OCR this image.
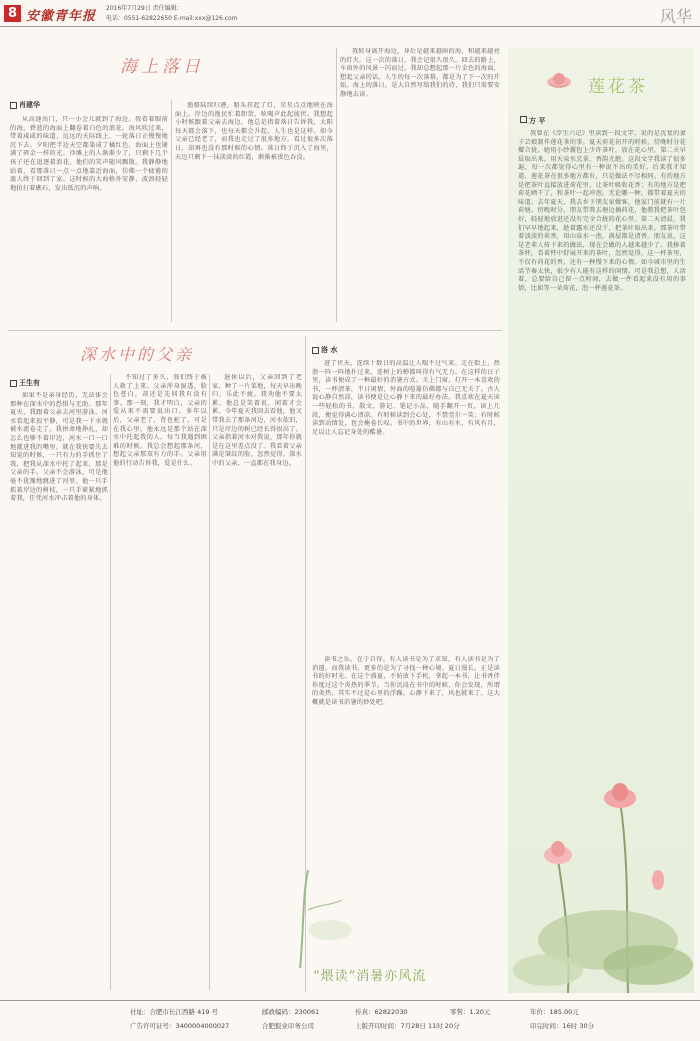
8 安徽青年报
2016年7月29日 责任编辑：
电话：0551-62822650 E-mail:xxx@126.com	风华
海上落日
肖建华
从高速出门，只一小会儿就到了海边。我看着眼前的海，碧蓝的海面上翻卷着白色的浪花。海风吹过来，带着咸咸的味道，远远的天际线上，一轮落日正慢慢地沉下去。夕阳把半边天空都染成了橘红色，海面上也铺满了碎金一样的光。沙滩上的人渐渐少了，只剩下几个孩子还在追逐着浪花，他们的笑声随风飘散。我静静地站着，看那落日一点一点地靠近海面，仿佛一个疲倦的旅人终于回到了家。这时候的大海格外安静，波浪轻轻地拍打着礁石，发出低沉的声响。
渔船陆续归港，船头挂起了灯，星星点点地映在海面上。岸边的渔民忙着卸货，吆喝声此起彼伏。我想起小时候跟着父亲去海边，他总是指着落日告诉我，太阳每天都会落下，也每天都会升起，人生也是这样。如今父亲已经老了，而我也走过了很多地方，看过很多次落日，却再也没有那时候的心情。落日终于沉入了海里，天边只剩下一抹淡淡的红霞，渐渐被夜色吞没。
我转身离开海边，身后是越来越暗的海，和越来越亮的灯火。这一次的落日，我会记很久很久。回去的路上，车窗外的风景一闪而过，我却总想起那一片金色的海面，想起父亲的话。人生的每一次落幕，都是为了下一次的开始。海上的落日，是大自然写给我们的诗，我们只需要安静地去读。
深水中的父亲
王生有
如果不是亲身经历，无法体会那种在深水中的恐惧与无助。那年夏天，我跟着父亲去河里游泳，河水看起来很平静，可是我一下水就被水流卷走了。我拼命地挣扎，却怎么也够不着岸边，河水一口一口地灌进我的嘴里。就在我快要失去知觉的时候，一只有力的手抓住了我，把我从深水中托了起来。那是父亲的手。父亲不会游泳，可是他毫不犹豫地跳进了河里。他一只手抓着岸边的树枝，一只手紧紧地抓着我，任凭河水冲击着他的身体。
不知过了多久，我们终于被人救了上来。父亲浑身湿透，脸色苍白，却还是先问我有没有事。那一刻，我才明白，父亲的爱从来不需要说出口。多年以后，父亲老了，背也驼了，可是在我心里，他永远是那个站在深水中托起我的人。每当我遇到困难的时候，我总会想起那条河，想起父亲那双有力的手。父亲用他的行动告诉我，爱是什么。
退休以后，父亲回到了老家，种了一片菜地，每天早出晚归，乐此不疲。我劝他不要太累，他总是笑着说，闲着才会累。今年夏天我回去看他，他又带我去了那条河边，河水依旧，只是岸边的树已经长得很高了。父亲指着河水对我说，那年你就是在这里差点没了。我看着父亲满是皱纹的脸，忽然觉得，深水中的父亲，一直都在我身边。
洛 水
进了伏天，连续十数日的高温让人喘不过气来。走在街上，热浪一阵一阵地扑过来，连树上的蝉都叫得有气无力。在这样的日子里，读书便成了一种最好的消暑方式。关上门窗，打开一本喜欢的书，一杯清茶，半日闲情，外面的喧嚣仿佛都与自己无关了。古人说心静自然凉，读书便是让心静下来的最好办法。我喜欢在夏天读一些轻松的书，散文、游记、笔记小品，随手翻开一页，读上几段，便觉得满心清凉。有时候读到会心处，不禁莞尔一笑；有时候读到动情处，也会掩卷长叹。书中的世界，有山有水，有风有月，足以让人忘记身处的酷暑。
读书之乐，在于自得。有人读书是为了求知，有人读书是为了消遣，而我读书，更多的是为了寻找一种心境。夏日漫长，正是读书的好时光。在这个盛夏，不妨放下手机，拿起一本书，让书香伴你度过这个炎热的季节。当你沉浸在书中的时候，你会发现，所谓的炎热，其实不过是心里的浮躁。心静下来了，风也就来了。这大概就是读书消暑的妙处吧。
“煨读”消暑亦风流
莲花茶
方 平
我曾在《浮生六记》里读到一段文字，说的是沈复的妻子芸娘制作莲花茶的事。夏天荷花初开的时候，傍晚时分花瓣合拢，她用小纱囊包上少许茶叶，放在花心里，第二天早晨取出来，用天泉水烹茶，香韵尤绝。这段文字我读了很多遍，每一次都觉得心里有一种说不出的美好。后来我才知道，莲花茶在很多地方都有，只是做法不尽相同。有的地方是把茶叶直接放进荷花里，让茶叶吸收花香；有的地方是把荷花晒干了，和茶叶一起冲泡。无论哪一种，都带着夏天的味道。去年夏天，我去乡下朋友家做客，他家门前就有一片荷塘。傍晚时分，朋友带我去塘边摘荷花，他教我把茶叶包好，轻轻地放进还没有完全合拢的花心里。第二天清晨，我们早早地起来，趁着露水还没干，把茶叶取出来。那茶叶带着淡淡的荷香，用山泉水一泡，满屋都是清香。朋友说，这是老辈人传下来的做法，现在会做的人越来越少了。我捧着茶杯，看着杯中舒展开来的茶叶，忽然觉得，这一杯茶里，不仅有荷花的香，还有一种慢下来的心情。如今城市里的生活节奏太快，很少有人能有这样的闲情。可是我总想，人活着，总要给自己留一点时间，去做一件看起来没有用的事情，比如等一朵荷花，泡一杯莲花茶。
社址：合肥市长江西路 419 号	邮政编码：230061	传真：62822030	零售：1.20元	年价：185.00元
广告许可证号：3400004000027	合肥报业印务公司	上版开印时间：7月28日 11时 20分	印完时间：16时 30分
